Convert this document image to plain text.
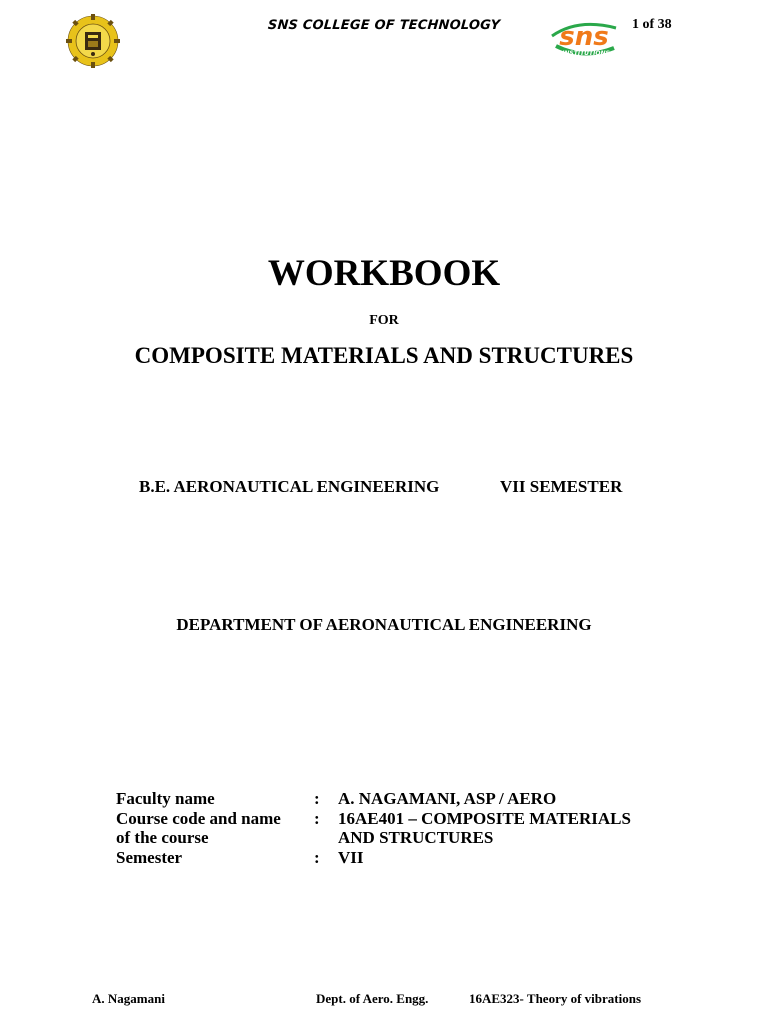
SNS COLLEGE OF TECHNOLOGY	sns
INSTITUTIONS
1 of 38
WORKBOOK
FOR
COMPOSITE MATERIALS AND STRUCTURES
B.E. AERONAUTICAL ENGINEERING	VII SEMESTER
DEPARTMENT OF AERONAUTICAL ENGINEERING
Faculty name	: A. NAGAMANI, ASP / AERO
Course code and name	: 16AE401 – COMPOSITE MATERIALS
of the course	AND STRUCTURES
Semester	: VII
A. Nagamani	Dept. of Aero. Engg.	16AE323- Theory of vibrations
